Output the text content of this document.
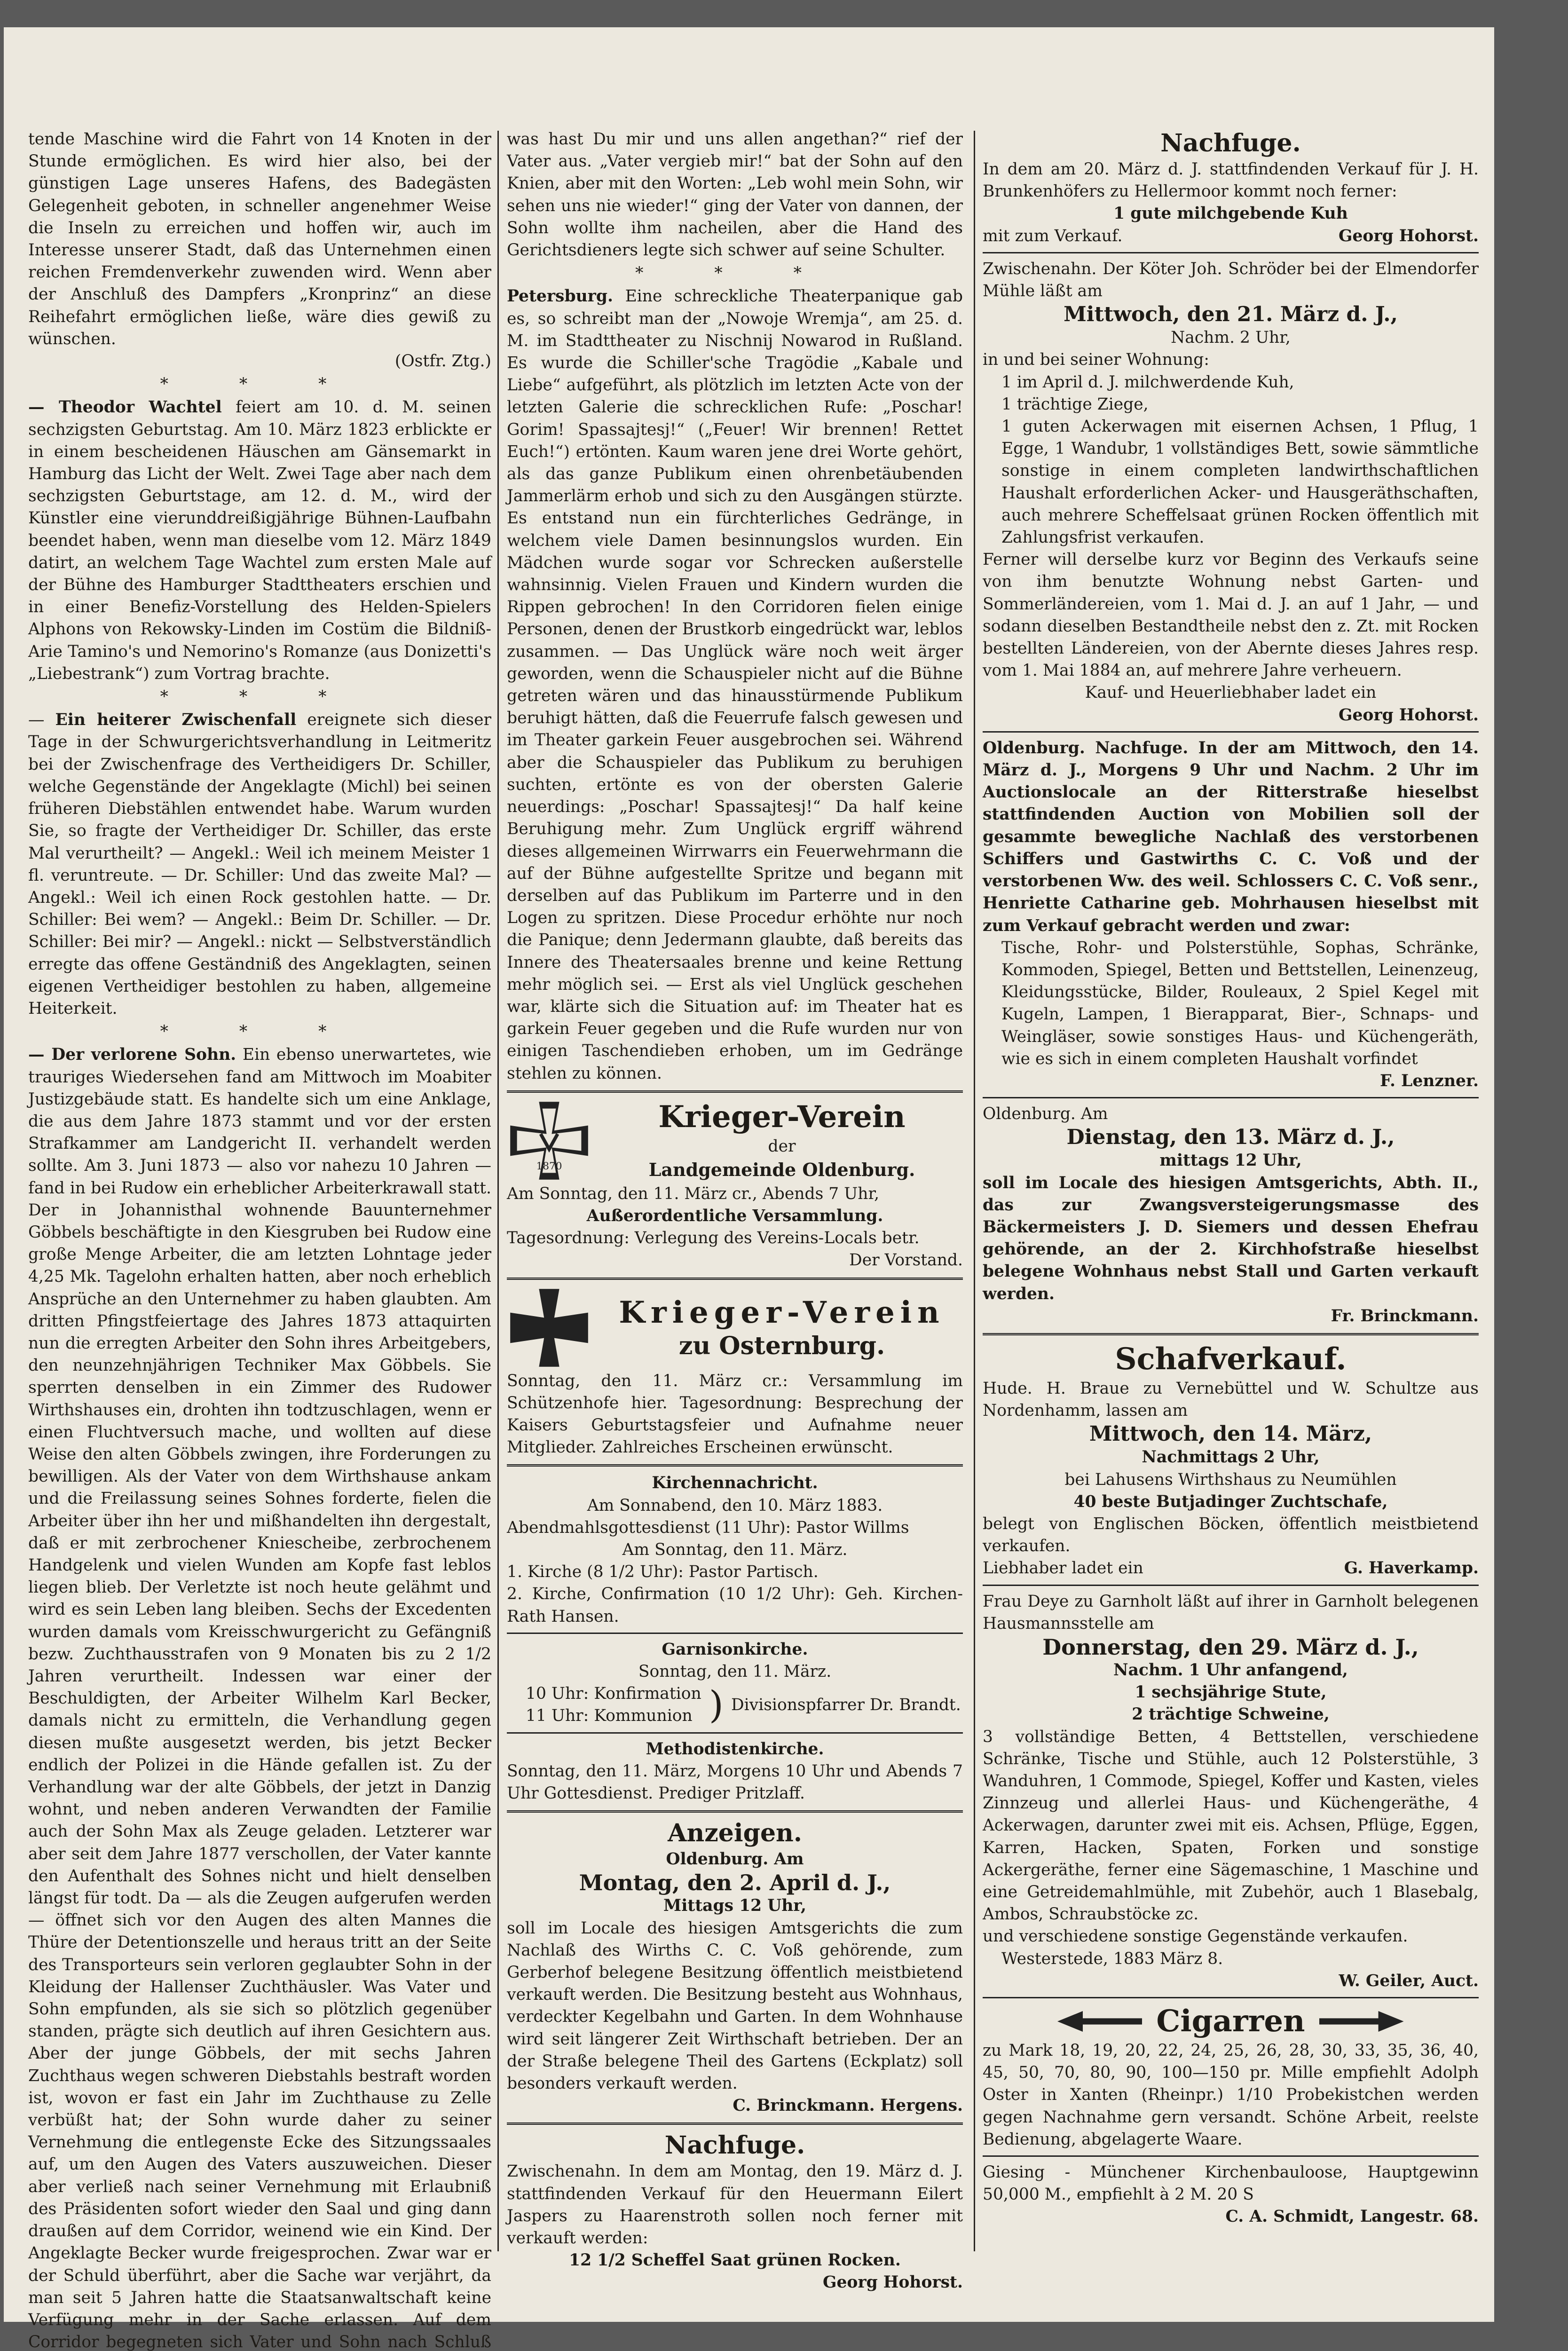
tende Maschine wird die Fahrt von 14 Knoten in der Stunde ermöglichen. Es wird hier also, bei der günstigen Lage unseres Hafens, des Badegästen Gelegenheit geboten, in schneller angenehmer Weise die Inseln zu erreichen und hoffen wir, auch im Interesse unserer Stadt, daß das Unternehmen einen reichen Fremdenverkehr zuwenden wird. Wenn aber der Anschluß des Dampfers „Kronprinz“ an diese Reihefahrt ermöglichen ließe, wäre dies gewiß zu wünschen.

(Ostfr. Ztg.)

* * *

— Theodor Wachtel feiert am 10. d. M. seinen sechzigsten Geburtstag. Am 10. März 1823 erblickte er in einem bescheidenen Häuschen am Gänsemarkt in Hamburg das Licht der Welt. Zwei Tage aber nach dem sechzigsten Geburtstage, am 12. d. M., wird der Künstler eine vierunddreißigjährige Bühnen-Laufbahn beendet haben, wenn man dieselbe vom 12. März 1849 datirt, an welchem Tage Wachtel zum ersten Male auf der Bühne des Hamburger Stadttheaters erschien und in einer Benefiz-Vorstellung des Helden-Spielers Alphons von Rekowsky-Linden im Costüm die Bildniß-Arie Tamino's und Nemorino's Romanze (aus Donizetti's „Liebestrank“) zum Vortrag brachte.

* * *

— Ein heiterer Zwischenfall ereignete sich dieser Tage in der Schwurgerichtsverhandlung in Leitmeritz bei der Zwischenfrage des Vertheidigers Dr. Schiller, welche Gegenstände der Angeklagte (Michl) bei seinen früheren Diebstählen entwendet habe. Warum wurden Sie, so fragte der Vertheidiger Dr. Schiller, das erste Mal verurtheilt? — Angekl.: Weil ich meinem Meister 1 fl. veruntreute. — Dr. Schiller: Und das zweite Mal? — Angekl.: Weil ich einen Rock gestohlen hatte. — Dr. Schiller: Bei wem? — Angekl.: Beim Dr. Schiller. — Dr. Schiller: Bei mir? — Angekl.: nickt — Selbstverständlich erregte das offene Geständniß des Angeklagten, seinen eigenen Vertheidiger bestohlen zu haben, allgemeine Heiterkeit.

* * *

— Der verlorene Sohn. Ein ebenso unerwartetes, wie trauriges Wiedersehen fand am Mittwoch im Moabiter Justizgebäude statt. Es handelte sich um eine Anklage, die aus dem Jahre 1873 stammt und vor der ersten Strafkammer am Landgericht II. verhandelt werden sollte. Am 3. Juni 1873 — also vor nahezu 10 Jahren — fand in bei Rudow ein erheblicher Arbeiterkrawall statt. Der in Johannisthal wohnende Bauunternehmer Göbbels beschäftigte in den Kiesgruben bei Rudow eine große Menge Arbeiter, die am letzten Lohntage jeder 4,25 Mk. Tagelohn erhalten hatten, aber noch erheblich Ansprüche an den Unternehmer zu haben glaubten. Am dritten Pfingstfeiertage des Jahres 1873 attaquirten nun die erregten Arbeiter den Sohn ihres Arbeitgebers, den neunzehnjährigen Techniker Max Göbbels. Sie sperrten denselben in ein Zimmer des Rudower Wirthshauses ein, drohten ihn todtzuschlagen, wenn er einen Fluchtversuch mache, und wollten auf diese Weise den alten Göbbels zwingen, ihre Forderungen zu bewilligen. Als der Vater von dem Wirthshause ankam und die Freilassung seines Sohnes forderte, fielen die Arbeiter über ihn her und mißhandelten ihn dergestalt, daß er mit zerbrochener Kniescheibe, zerbrochenem Handgelenk und vielen Wunden am Kopfe fast leblos liegen blieb. Der Verletzte ist noch heute gelähmt und wird es sein Leben lang bleiben. Sechs der Excedenten wurden damals vom Kreisschwurgericht zu Gefängniß bezw. Zuchthausstrafen von 9 Monaten bis zu 2 1/2 Jahren verurtheilt. Indessen war einer der Beschuldigten, der Arbeiter Wilhelm Karl Becker, damals nicht zu ermitteln, die Verhandlung gegen diesen mußte ausgesetzt werden, bis jetzt Becker endlich der Polizei in die Hände gefallen ist. Zu der Verhandlung war der alte Göbbels, der jetzt in Danzig wohnt, und neben anderen Verwandten der Familie auch der Sohn Max als Zeuge geladen. Letzterer war aber seit dem Jahre 1877 verschollen, der Vater kannte den Aufenthalt des Sohnes nicht und hielt denselben längst für todt. Da — als die Zeugen aufgerufen werden — öffnet sich vor den Augen des alten Mannes die Thüre der Detentionszelle und heraus tritt an der Seite des Transporteurs sein verloren geglaubter Sohn in der Kleidung der Hallenser Zuchthäusler. Was Vater und Sohn empfunden, als sie sich so plötzlich gegenüber standen, prägte sich deutlich auf ihren Gesichtern aus. Aber der junge Göbbels, der mit sechs Jahren Zuchthaus wegen schweren Diebstahls bestraft worden ist, wovon er fast ein Jahr im Zuchthause zu Zelle verbüßt hat; der Sohn wurde daher zu seiner Vernehmung die entlegenste Ecke des Sitzungssaales auf, um den Augen des Vaters auszuweichen. Dieser aber verließ nach seiner Vernehmung mit Erlaubniß des Präsidenten sofort wieder den Saal und ging dann draußen auf dem Corridor, weinend wie ein Kind. Der Angeklagte Becker wurde freigesprochen. Zwar war er der Schuld überführt, aber die Sache war verjährt, da man seit 5 Jahren hatte die Staatsanwaltschaft keine Verfügung mehr in der Sache erlassen. Auf dem Corridor begegneten sich Vater und Sohn nach Schluß

was hast Du mir und uns allen angethan?“ rief der Vater aus. „Vater vergieb mir!“ bat der Sohn auf den Knien, aber mit den Worten: „Leb wohl mein Sohn, wir sehen uns nie wieder!“ ging der Vater von dannen, der Sohn wollte ihm nacheilen, aber die Hand des Gerichtsdieners legte sich schwer auf seine Schulter.

* * *

Petersburg. Eine schreckliche Theaterpanique gab es, so schreibt man der „Nowoje Wremja“, am 25. d. M. im Stadttheater zu Nischnij Nowarod in Rußland. Es wurde die Schiller'sche Tragödie „Kabale und Liebe“ aufgeführt, als plötzlich im letzten Acte von der letzten Galerie die schrecklichen Rufe: „Poschar! Gorim! Spassajtesj!“ („Feuer! Wir brennen! Rettet Euch!“) ertönten. Kaum waren jene drei Worte gehört, als das ganze Publikum einen ohrenbetäubenden Jammerlärm erhob und sich zu den Ausgängen stürzte. Es entstand nun ein fürchterliches Gedränge, in welchem viele Damen besinnungslos wurden. Ein Mädchen wurde sogar vor Schrecken außerstelle wahnsinnig. Vielen Frauen und Kindern wurden die Rippen gebrochen! In den Corridoren fielen einige Personen, denen der Brustkorb eingedrückt war, leblos zusammen. — Das Unglück wäre noch weit ärger geworden, wenn die Schauspieler nicht auf die Bühne getreten wären und das hinausstürmende Publikum beruhigt hätten, daß die Feuerrufe falsch gewesen und im Theater garkein Feuer ausgebrochen sei. Während aber die Schauspieler das Publikum zu beruhigen suchten, ertönte es von der obersten Galerie neuerdings: „Poschar! Spassajtesj!“ Da half keine Beruhigung mehr. Zum Unglück ergriff während dieses allgemeinen Wirrwarrs ein Feuerwehrmann die auf der Bühne aufgestellte Spritze und begann mit derselben auf das Publikum im Parterre und in den Logen zu spritzen. Diese Procedur erhöhte nur noch die Panique; denn Jedermann glaubte, daß bereits das Innere des Theatersaales brenne und keine Rettung mehr möglich sei. — Erst als viel Unglück geschehen war, klärte sich die Situation auf: im Theater hat es garkein Feuer gegeben und die Rufe wurden nur von einigen Taschendieben erhoben, um im Gedränge stehlen zu können.

1870
Krieger-Verein
der
Landgemeinde Oldenburg.

Am Sonntag, den 11. März cr., Abends 7 Uhr,

Außerordentliche Versammlung.

Tagesordnung: Verlegung des Vereins-Locals betr.

Der Vorstand.

Krieger-Verein
zu Osternburg.

Sonntag, den 11. März cr.: Versammlung im Schützenhofe hier. Tagesordnung: Besprechung der Kaisers Geburtstagsfeier und Aufnahme neuer Mitglieder. Zahlreiches Erscheinen erwünscht.

Kirchennachricht.

Am Sonnabend, den 10. März 1883.

Abendmahlsgottesdienst (11 Uhr): Pastor Willms

Am Sonntag, den 11. März.

1. Kirche (8 1/2 Uhr): Pastor Partisch.

2. Kirche, Confirmation (10 1/2 Uhr): Geh. Kirchen-Rath Hansen.

Garnisonkirche.

Sonntag, den 11. März.

10 Uhr: Konfirmation

11 Uhr: Kommunion ) Divisionspfarrer Dr. Brandt.

Methodistenkirche.

Sonntag, den 11. März, Morgens 10 Uhr und Abends 7 Uhr Gottesdienst. Prediger Pritzlaff.

Anzeigen.

Oldenburg. Am

Montag, den 2. April d. J.,

Mittags 12 Uhr,

soll im Locale des hiesigen Amtsgerichts die zum Nachlaß des Wirths C. C. Voß gehörende, zum Gerberhof belegene Besitzung öffentlich meistbietend verkauft werden. Die Besitzung besteht aus Wohnhaus, verdeckter Kegelbahn und Garten. In dem Wohnhause wird seit längerer Zeit Wirthschaft betrieben. Der an der Straße belegene Theil des Gartens (Eckplatz) soll besonders verkauft werden.

C. Brinckmann. Hergens.

Nachfuge.

Zwischenahn. In dem am Montag, den 19. März d. J. stattfindenden Verkauf für den Heuermann Eilert Jaspers zu Haarenstroth sollen noch ferner mit verkauft werden:

12 1/2 Scheffel Saat grünen Rocken.

Georg Hohorst.

Nachfuge.

In dem am 20. März d. J. stattfindenden Verkauf für J. H. Brunkenhöfers zu Hellermoor kommt noch ferner:

1 gute milchgebende Kuh

mit zum Verkauf.	Georg Hohorst.

Zwischenahn. Der Köter Joh. Schröder bei der Elmendorfer Mühle läßt am

Mittwoch, den 21. März d. J.,

Nachm. 2 Uhr,

in und bei seiner Wohnung:

1 im April d. J. milchwerdende Kuh,

1 trächtige Ziege,

1 guten Ackerwagen mit eisernen Achsen, 1 Pflug, 1 Egge, 1 Wandubr, 1 vollständiges Bett, sowie sämmtliche sonstige in einem completen landwirthschaftlichen Haushalt erforderlichen Acker- und Hausgeräthschaften, auch mehrere Scheffelsaat grünen Rocken öffentlich mit Zahlungsfrist verkaufen.

Ferner will derselbe kurz vor Beginn des Verkaufs seine von ihm benutzte Wohnung nebst Garten- und Sommerländereien, vom 1. Mai d. J. an auf 1 Jahr, — und sodann dieselben Bestandtheile nebst den z. Zt. mit Rocken bestellten Ländereien, von der Abernte dieses Jahres resp. vom 1. Mai 1884 an, auf mehrere Jahre verheuern.

Kauf- und Heuerliebhaber ladet ein

Georg Hohorst.

Oldenburg. Nachfuge. In der am Mittwoch, den 14. März d. J., Morgens 9 Uhr und Nachm. 2 Uhr im Auctionslocale an der Ritterstraße hieselbst stattfindenden Auction von Mobilien soll der gesammte bewegliche Nachlaß des verstorbenen Schiffers und Gastwirths C. C. Voß und der verstorbenen Ww. des weil. Schlossers C. C. Voß senr., Henriette Catharine geb. Mohrhausen hieselbst mit zum Verkauf gebracht werden und zwar:

Tische, Rohr- und Polsterstühle, Sophas, Schränke, Kommoden, Spiegel, Betten und Bettstellen, Leinenzeug, Kleidungsstücke, Bilder, Rouleaux, 2 Spiel Kegel mit Kugeln, Lampen, 1 Bierapparat, Bier-, Schnaps- und Weingläser, sowie sonstiges Haus- und Küchengeräth, wie es sich in einem completen Haushalt vorfindet

F. Lenzner.

Oldenburg. Am

Dienstag, den 13. März d. J.,

mittags 12 Uhr,

soll im Locale des hiesigen Amtsgerichts, Abth. II., das zur Zwangsversteigerungsmasse des Bäckermeisters J. D. Siemers und dessen Ehefrau gehörende, an der 2. Kirchhofstraße hieselbst belegene Wohnhaus nebst Stall und Garten verkauft werden.

Fr. Brinckmann.

Schafverkauf.

Hude. H. Braue zu Vernebüttel und W. Schultze aus Nordenhamm, lassen am

Mittwoch, den 14. März,

Nachmittags 2 Uhr,

bei Lahusens Wirthshaus zu Neumühlen

40 beste Butjadinger Zuchtschafe,

belegt von Englischen Böcken, öffentlich meistbietend verkaufen.

Liebhaber ladet ein	G. Haverkamp.

Frau Deye zu Garnholt läßt auf ihrer in Garnholt belegenen Hausmannsstelle am

Donnerstag, den 29. März d. J.,

Nachm. 1 Uhr anfangend,

1 sechsjährige Stute,

2 trächtige Schweine,

3 vollständige Betten, 4 Bettstellen, verschiedene Schränke, Tische und Stühle, auch 12 Polsterstühle, 3 Wanduhren, 1 Commode, Spiegel, Koffer und Kasten, vieles Zinnzeug und allerlei Haus- und Küchengeräthe, 4 Ackerwagen, darunter zwei mit eis. Achsen, Pflüge, Eggen, Karren, Hacken, Spaten, Forken und sonstige Ackergeräthe, ferner eine Sägemaschine, 1 Maschine und eine Getreidemahlmühle, mit Zubehör, auch 1 Blasebalg, Ambos, Schraubstöcke zc.

und verschiedene sonstige Gegenstände verkaufen.

Westerstede, 1883 März 8.

W. Geiler, Auct.

Cigarren

zu Mark 18, 19, 20, 22, 24, 25, 26, 28, 30, 33, 35, 36, 40, 45, 50, 70, 80, 90, 100—150 pr. Mille empfiehlt Adolph Oster in Xanten (Rheinpr.) 1/10 Probekistchen werden gegen Nachnahme gern versandt. Schöne Arbeit, reelste Bedienung, abgelagerte Waare.

Giesing - Münchener Kirchenbauloose, Hauptgewinn 50,000 M., empfiehlt à 2 M. 20 S

C. A. Schmidt, Langestr. 68.
